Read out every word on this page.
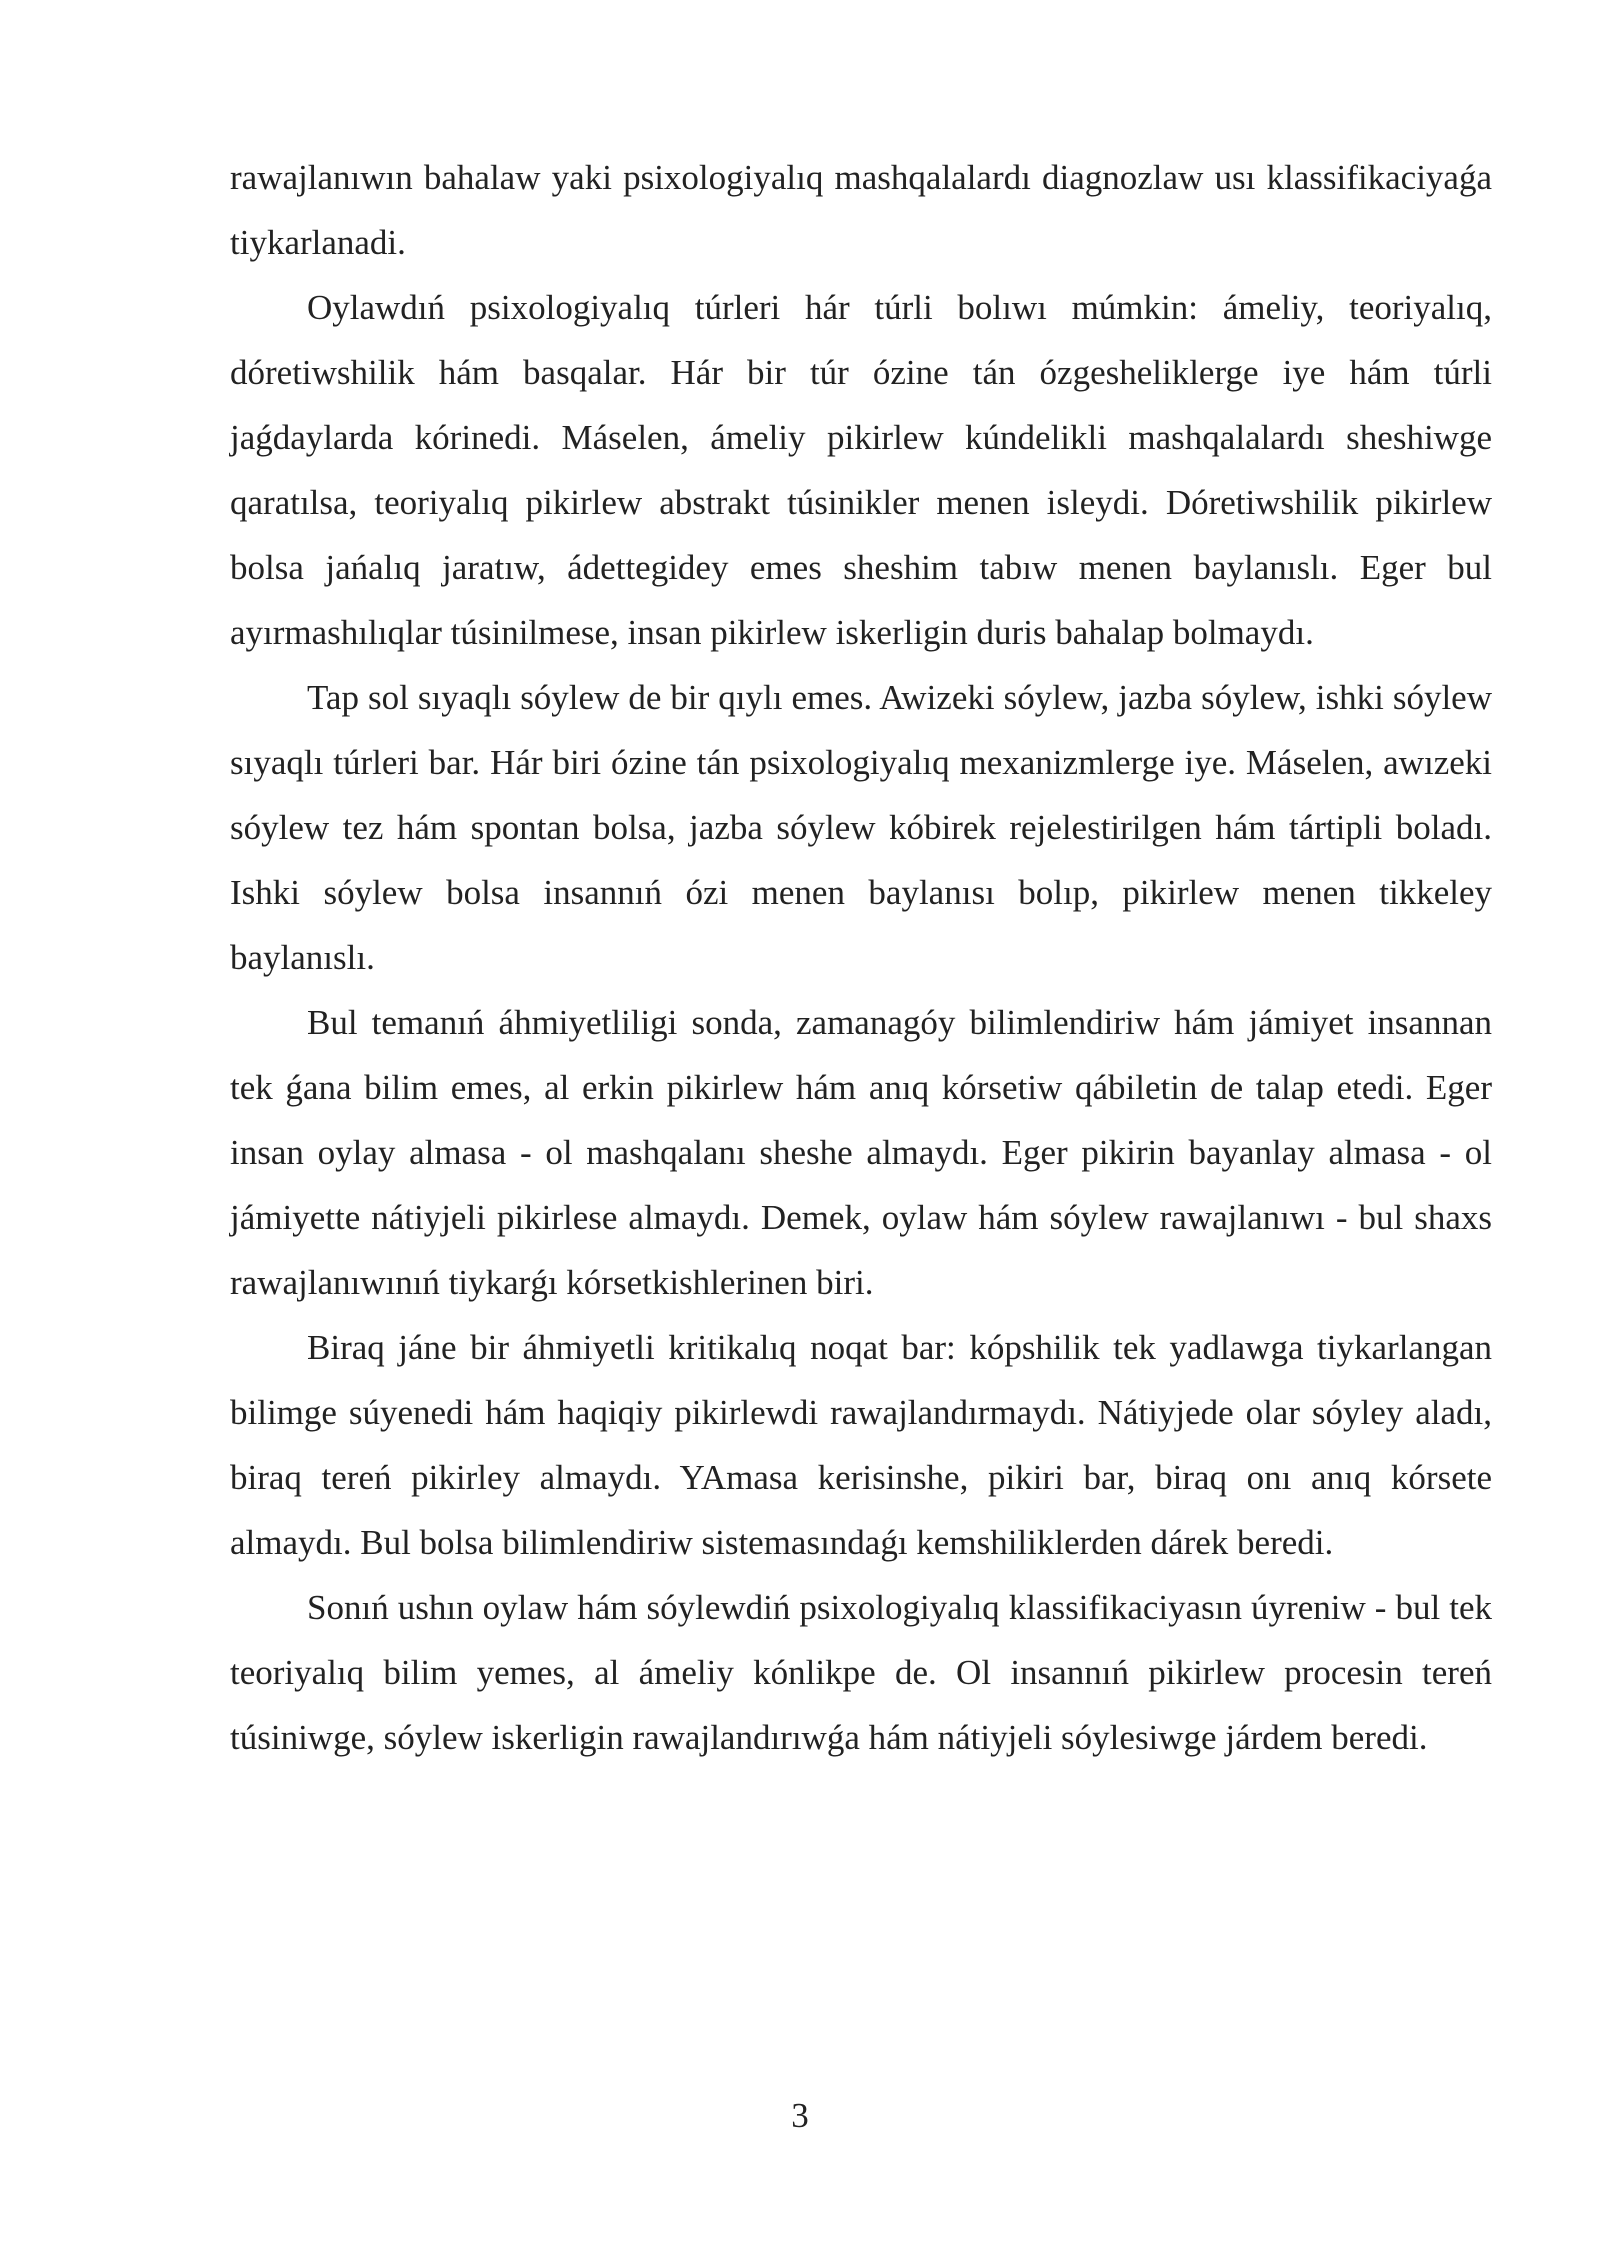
rawajlanıwın bahalaw yaki psixologiyalıq mashqalalardı diagnozlaw usı klassifikaciyaǵa tiykarlanadi.

Oylawdıń psixologiyalıq túrleri hár túrli bolıwı múmkin: ámeliy, teoriyalıq, dóretiwshilik hám basqalar. Hár bir túr ózine tán ózgesheliklerge iye hám túrli jaǵdaylarda kórinedi. Máselen, ámeliy pikirlew kúndelikli mashqalalardı sheshiwge qaratılsa, teoriyalıq pikirlew abstrakt túsinikler menen isleydi. Dóretiwshilik pikirlew bolsa jańalıq jaratıw, ádettegidey emes sheshim tabıw menen baylanıslı. Eger bul ayırmashılıqlar túsinilmese, insan pikirlew iskerligin duris bahalap bolmaydı.

Tap sol sıyaqlı sóylew de bir qıylı emes. Awizeki sóylew, jazba sóylew, ishki sóylew sıyaqlı túrleri bar. Hár biri ózine tán psixologiyalıq mexanizmlerge iye. Máselen, awızeki sóylew tez hám spontan bolsa, jazba sóylew kóbirek rejelestirilgen hám tártipli boladı. Ishki sóylew bolsa insannıń ózi menen baylanısı bolıp, pikirlew menen tikkeley baylanıslı.

Bul temanıń áhmiyetliligi sonda, zamanagóy bilimlendiriw hám jámiyet insannan tek ǵana bilim emes, al erkin pikirlew hám anıq kórsetiw qábiletin de talap etedi. Eger insan oylay almasa - ol mashqalanı sheshe almaydı. Eger pikirin bayanlay almasa - ol jámiyette nátiyjeli pikirlese almaydı. Demek, oylaw hám sóylew rawajlanıwı - bul shaxs rawajlanıwınıń tiykarǵı kórsetkishlerinen biri.

Biraq jáne bir áhmiyetli kritikalıq noqat bar: kópshilik tek yadlawga tiykarlangan bilimge súyenedi hám haqiqiy pikirlewdi rawajlandırmaydı. Nátiyjede olar sóyley aladı, biraq tereń pikirley almaydı. YAmasa kerisinshe, pikiri bar, biraq onı anıq kórsete almaydı. Bul bolsa bilimlendiriw sistemasındaǵı kemshiliklerden dárek beredi.

Sonıń ushın oylaw hám sóylewdiń psixologiyalıq klassifikaciyasın úyreniw - bul tek teoriyalıq bilim yemes, al ámeliy kónlikpe de. Ol insannıń pikirlew procesin tereń túsiniwge, sóylew iskerligin rawajlandırıwǵa hám nátiyjeli sóylesiwge járdem beredi.

3
